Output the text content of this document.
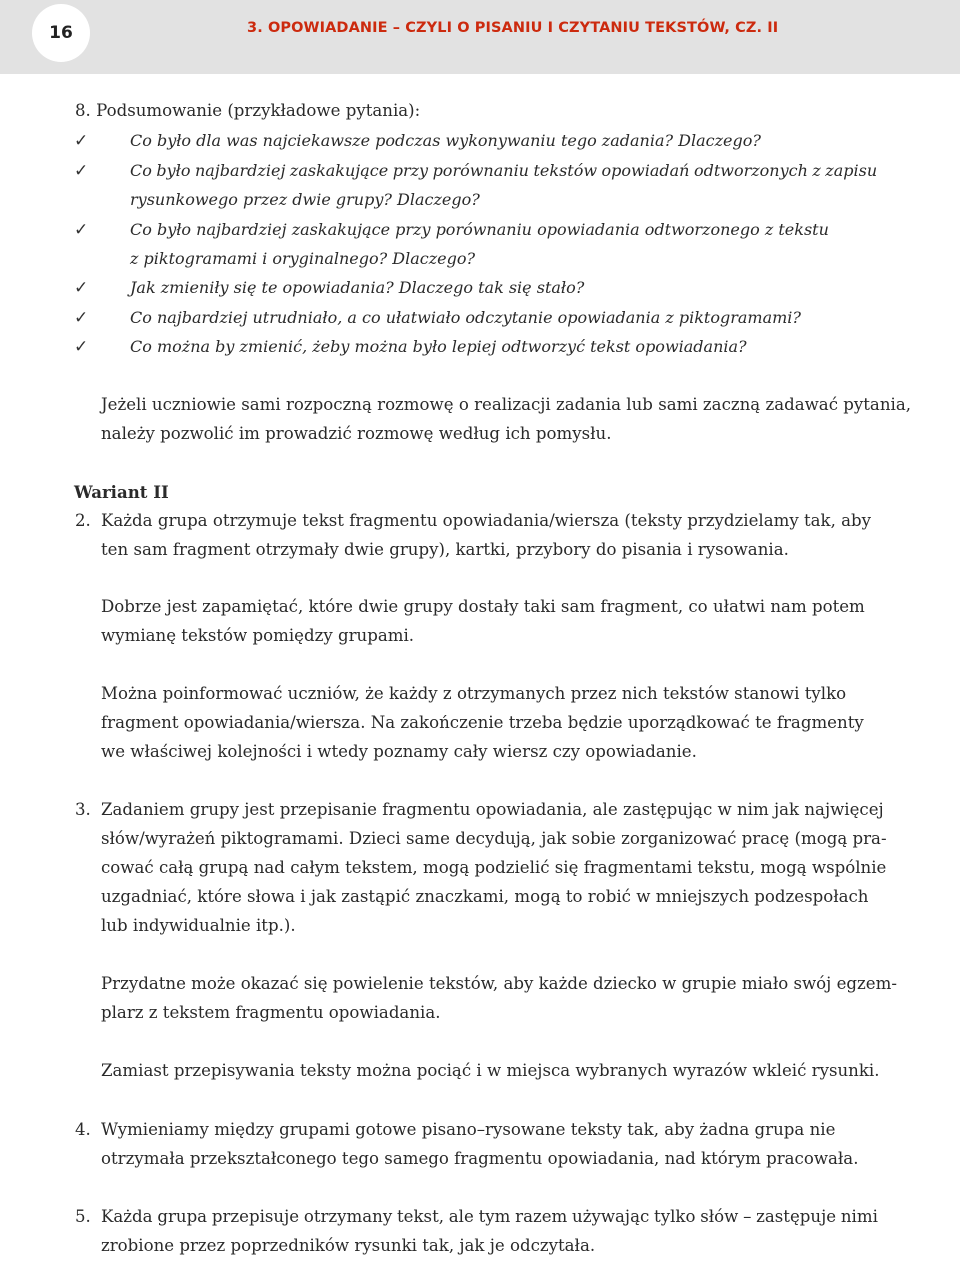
16	3. OPOWIADANIE – CZYLI O PISANIU I CZYTANIU TEKSTÓW, CZ. II
8. Podsumowanie (przykładowe pytania):
✓	Co było dla was najciekawsze podczas wykonywaniu tego zadania? Dlaczego?
✓	Co było najbardziej zaskakujące przy porównaniu tekstów opowiadań odtworzonych z zapisu
rysunkowego przez dwie grupy? Dlaczego?
✓	Co było najbardziej zaskakujące przy porównaniu opowiadania odtworzonego z tekstu
z piktogramami i oryginalnego? Dlaczego?
✓	Jak zmieniły się te opowiadania? Dlaczego tak się stało?
✓	Co najbardziej utrudniało, a co ułatwiało odczytanie opowiadania z piktogramami?
✓	Co można by zmienić, żeby można było lepiej odtworzyć tekst opowiadania?
Jeżeli uczniowie sami rozpoczną rozmowę o realizacji zadania lub sami zaczną zadawać pytania,
należy pozwolić im prowadzić rozmowę według ich pomysłu.
Wariant II
2. Każda grupa otrzymuje tekst fragmentu opowiadania/wiersza (teksty przydzielamy tak, aby
ten sam fragment otrzymały dwie grupy), kartki, przybory do pisania i rysowania.
Dobrze jest zapamiętać, które dwie grupy dostały taki sam fragment, co ułatwi nam potem
wymianę tekstów pomiędzy grupami.
Można poinformować uczniów, że każdy z otrzymanych przez nich tekstów stanowi tylko
fragment opowiadania/wiersza. Na zakończenie trzeba będzie uporządkować te fragmenty
we właściwej kolejności i wtedy poznamy cały wiersz czy opowiadanie.
3. Zadaniem grupy jest przepisanie fragmentu opowiadania, ale zastępując w nim jak najwięcej
słów/wyrażeń piktogramami. Dzieci same decydują, jak sobie zorganizować pracę (mogą pra-
cować całą grupą nad całym tekstem, mogą podzielić się fragmentami tekstu, mogą wspólnie
uzgadniać, które słowa i jak zastąpić znaczkami, mogą to robić w mniejszych podzespołach
lub indywidualnie itp.).
Przydatne może okazać się powielenie tekstów, aby każde dziecko w grupie miało swój egzem-
plarz z tekstem fragmentu opowiadania.
Zamiast przepisywania teksty można pociąć i w miejsca wybranych wyrazów wkleić rysunki.
4. Wymieniamy między grupami gotowe pisano–rysowane teksty tak, aby żadna grupa nie
otrzymała przekształconego tego samego fragmentu opowiadania, nad którym pracowała.
5. Każda grupa przepisuje otrzymany tekst, ale tym razem używając tylko słów – zastępuje nimi
zrobione przez poprzedników rysunki tak, jak je odczytała.
